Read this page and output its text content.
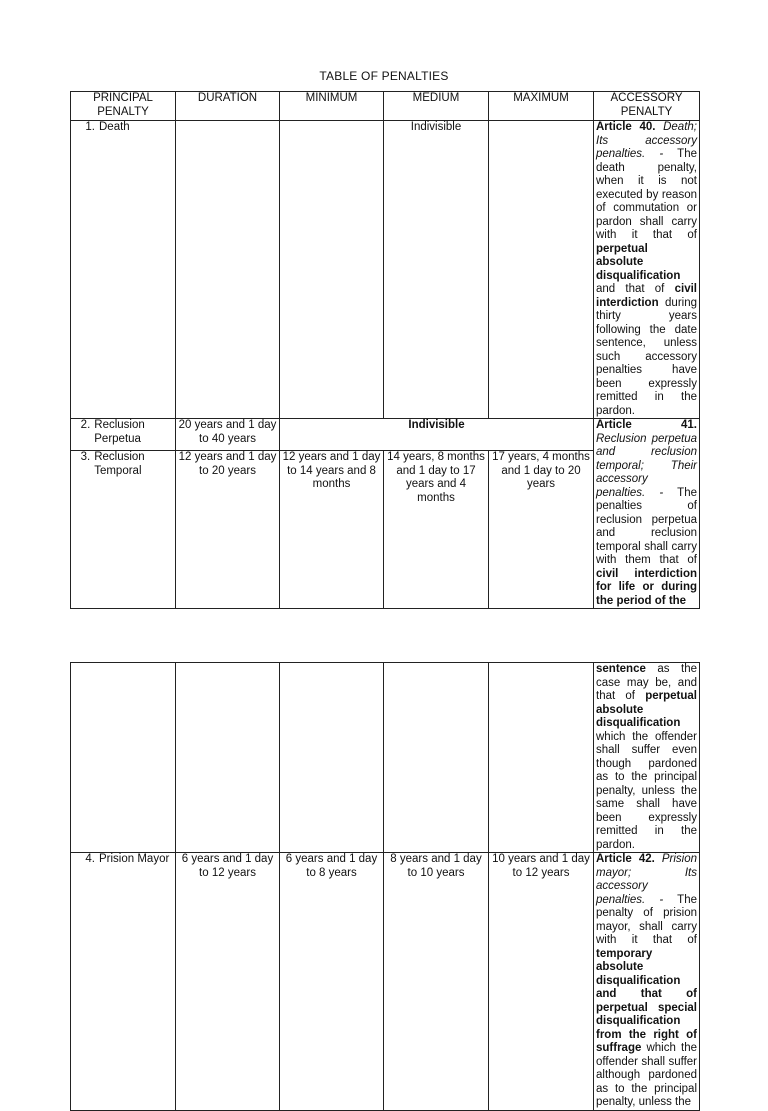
TABLE OF PENALTIES
PRINCIPAL PENALTY	DURATION	MINIMUM	MEDIUM	MAXIMUM	ACCESSORY PENALTY

1. Death			Indivisible		Article 40. Death; Its accessory penalties. - The death penalty, when it is not executed by reason of commutation or pardon shall carry with it that of perpetual absolute disqualification and that of civil interdiction during thirty years following the date sentence, unless such accessory penalties have been expressly remitted in the pardon.

2. Reclusion Perpetua	20 years and 1 day to 40 years	Indivisible			Article 41. Reclusion perpetua and reclusion temporal; Their accessory penalties. - The penalties of reclusion perpetua and reclusion temporal shall carry with them that of civil interdiction for life or during the period of the

3. Reclusion Temporal	12 years and 1 day to 20 years	12 years and 1 day to 14 years and 8 months	14 years, 8 months and 1 day to 17 years and 4 months	17 years, 4 months and 1 day to 20 years	
					sentence as the case may be, and that of perpetual absolute disqualification which the offender shall suffer even though pardoned as to the principal penalty, unless the same shall have been expressly remitted in the pardon.

4. Prision Mayor	6 years and 1 day to 12 years	6 years and 1 day to 8 years	8 years and 1 day to 10 years	10 years and 1 day to 12 years	Article 42. Prision mayor; Its accessory penalties. - The penalty of prision mayor, shall carry with it that of temporary absolute disqualification and that of perpetual special disqualification from the right of suffrage which the offender shall suffer although pardoned as to the principal penalty, unless the
